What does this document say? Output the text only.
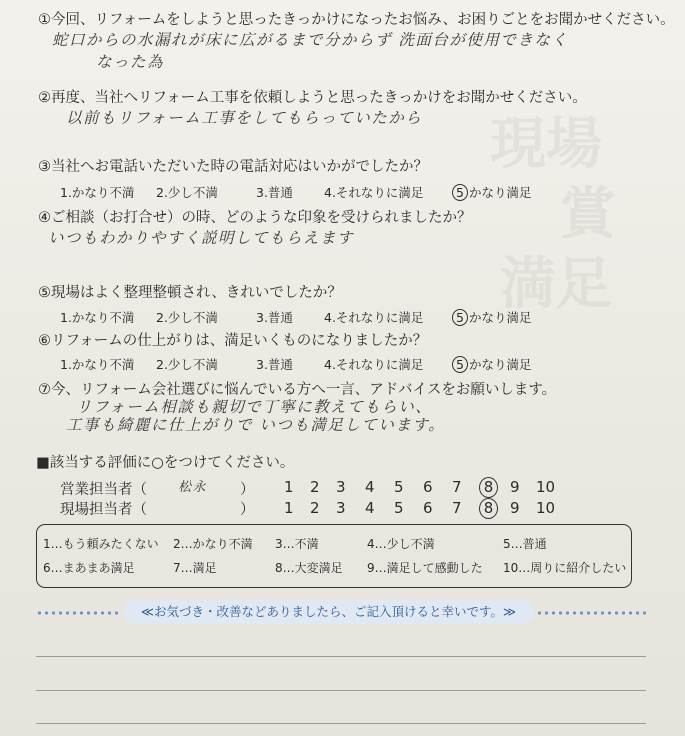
現場
満足
賞
①今回、リフォームをしようと思ったきっかけになったお悩み、お困りごとをお聞かせください。
蛇口からの水漏れが床に広がるまで分からず 洗面台が使用できなく
なった為
②再度、当社へリフォーム工事を依頼しようと思ったきっかけをお聞かせください。
以前もリフォーム工事をしてもらっていたから
③当社へお電話いただいた時の電話対応はいかがでしたか？
1.かなり不満 2.少し不満	3.普通 4.それなりに満足	5 かなり満足
④ご相談（お打合せ）の時、どのような印象を受けられましたか？
いつもわかりやすく説明してもらえます
⑤現場はよく整理整頓され、きれいでしたか？
1.かなり不満 2.少し不満	3.普通 4.それなりに満足	5 かなり満足
⑥リフォームの仕上がりは、満足いくものになりましたか？
1.かなり不満 2.少し不満	3.普通 4.それなりに満足	5 かなり満足
⑦今、リフォーム会社選びに悩んでいる方へ一言、アドバイスをお願いします。
リフォーム相談も親切で丁寧に教えてもらい、
工事も綺麗に仕上がりで いつも満足しています。
■該当する評価に○をつけてください。
営業担当者（ 松永 ） 1 2 3 4 5 6 7	8	9 10
現場担当者（	） 1 2 3 4 5 6 7	8	9 10
1…もう頼みたくない 2…かなり不満 3…不満	4…少し不満	5…普通
6…まあまあ満足	7…満足	8…大変満足 9…満足して感動した 10…周りに紹介したい
≪お気づき・改善などありましたら、ご記入頂けると幸いです。≫
